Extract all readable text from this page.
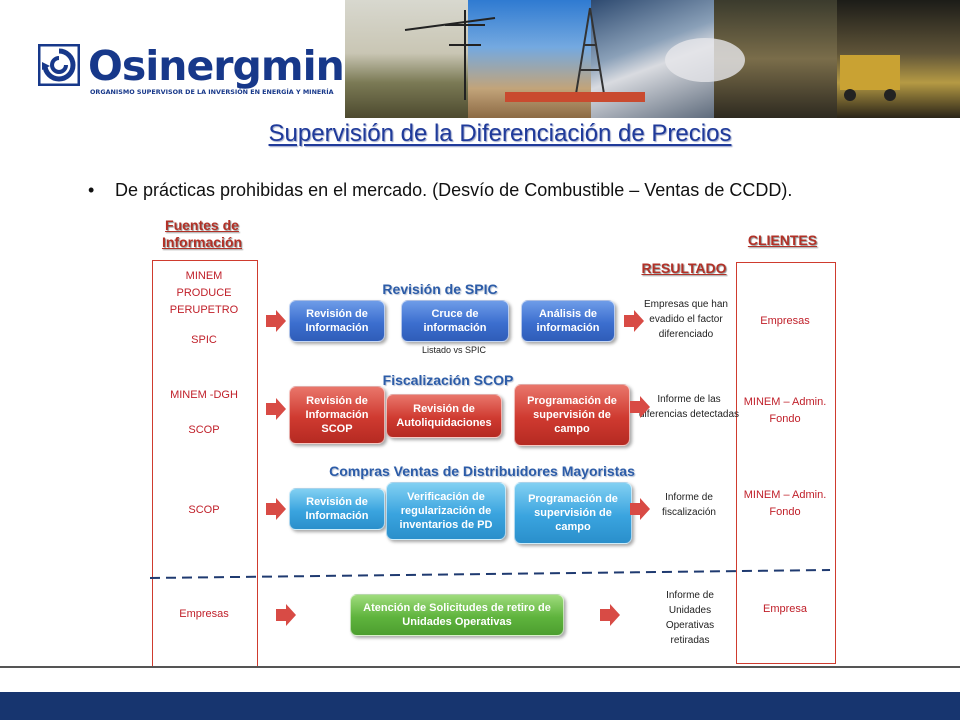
Osinergmin
ORGANISMO SUPERVISOR DE LA INVERSIÓN EN ENERGÍA Y MINERÍA
Supervisión de la Diferenciación de Precios
• De prácticas prohibidas en el mercado. (Desvío de Combustible – Ventas de CCDD).
Fuentes de Información	CLIENTES
RESULTADO
MINEM
PRODUCE
PERUPETRO
SPIC
MINEM -DGH
SCOP
SCOP
Empresas
Empresas
MINEM – Admin. Fondo
MINEM – Admin. Fondo
Empresa
Revisión de SPIC
Fiscalización SCOP
Compras Ventas de Distribuidores Mayoristas
Revisión de Información
Cruce de información
Listado vs SPIC
Análisis de información
Revisión de Información SCOP
Revisión de Autoliquidaciones
Programación de supervisión de campo
Revisión de Información
Verificación de regularización de inventarios de PD
Programación de supervisión de campo
Atención de Solicitudes de retiro de Unidades Operativas
Empresas que han evadido el factor diferenciado
Informe de las diferencias detectadas
Informe de fiscalización
Informe de Unidades Operativas retiradas
